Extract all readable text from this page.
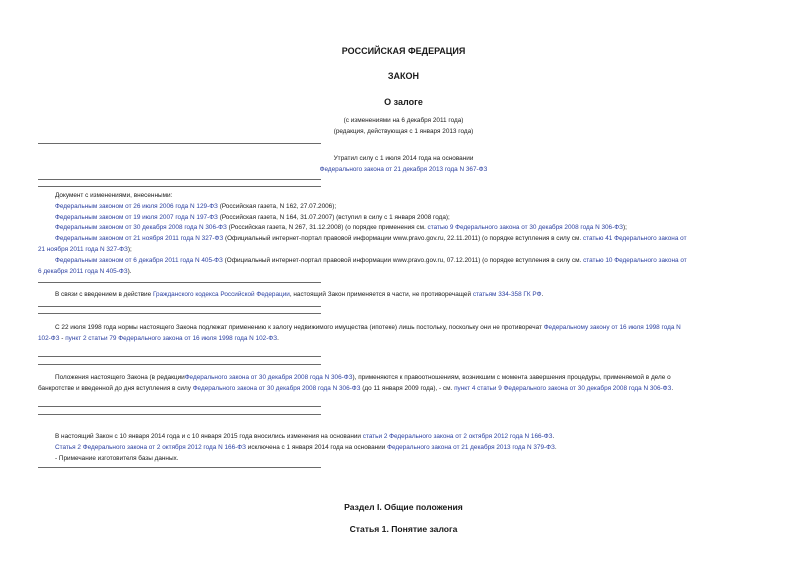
РОССИЙСКАЯ ФЕДЕРАЦИЯ
ЗАКОН
О залоге
(с изменениями на 6 декабря 2011 года)
(редакция, действующая с 1 января 2013 года)
Утратил силу с 1 июля 2014 года на основании
Федерального закона от 21 декабря 2013 года N 367-ФЗ
Документ с изменениями, внесенными:
Федеральным законом от 26 июля 2006 года N 129-ФЗ (Российская газета, N 162, 27.07.2006);
Федеральным законом от 19 июля 2007 года N 197-ФЗ (Российская газета, N 164, 31.07.2007) (вступил в силу с 1 января 2008 года);
Федеральным законом от 30 декабря 2008 года N 306-ФЗ (Российская газета, N 267, 31.12.2008) (о порядке применения см. статью 9 Федерального закона от 30 декабря 2008 года N 306-ФЗ);
Федеральным законом от 21 ноября 2011 года N 327-ФЗ (Официальный интернет-портал правовой информации www.pravo.gov.ru, 22.11.2011) (о порядке вступления в силу см. статью 41 Федерального закона от
21 ноября 2011 года N 327-ФЗ);
Федеральным законом от 6 декабря 2011 года N 405-ФЗ (Официальный интернет-портал правовой информации www.pravo.gov.ru, 07.12.2011) (о порядке вступления в силу см. статью 10 Федерального закона от
6 декабря 2011 года N 405-ФЗ).
В связи с введением в действие Гражданского кодекса Российской Федерации, настоящий Закон применяется в части, не противоречащей статьям 334-358 ГК РФ.
С 22 июля 1998 года нормы настоящего Закона подлежат применению к залогу недвижимого имущества (ипотеке) лишь постольку, поскольку они не противоречат Федеральному закону от 16 июля 1998 года N
102-ФЗ - пункт 2 статьи 79 Федерального закона от 16 июля 1998 года N 102-ФЗ.
Положения настоящего Закона (в редакцииФедерального закона от 30 декабря 2008 года N 306-ФЗ), применяются к правоотношениям, возникшим с момента завершения процедуры, применяемой в деле о
банкротстве и введенной до дня вступления в силу Федерального закона от 30 декабря 2008 года N 306-ФЗ (до 11 января 2009 года), - см. пункт 4 статьи 9 Федерального закона от 30 декабря 2008 года N 306-ФЗ.
В настоящий Закон с 10 января 2014 года и с 10 января 2015 года вносились изменения на основании статьи 2 Федерального закона от 2 октября 2012 года N 166-ФЗ.
Статья 2 Федерального закона от 2 октября 2012 года N 166-ФЗ исключена с 1 января 2014 года на основании Федерального закона от 21 декабря 2013 года N 379-ФЗ.
- Примечание изготовителя базы данных.
Раздел I. Общие положения
Статья 1. Понятие залога
